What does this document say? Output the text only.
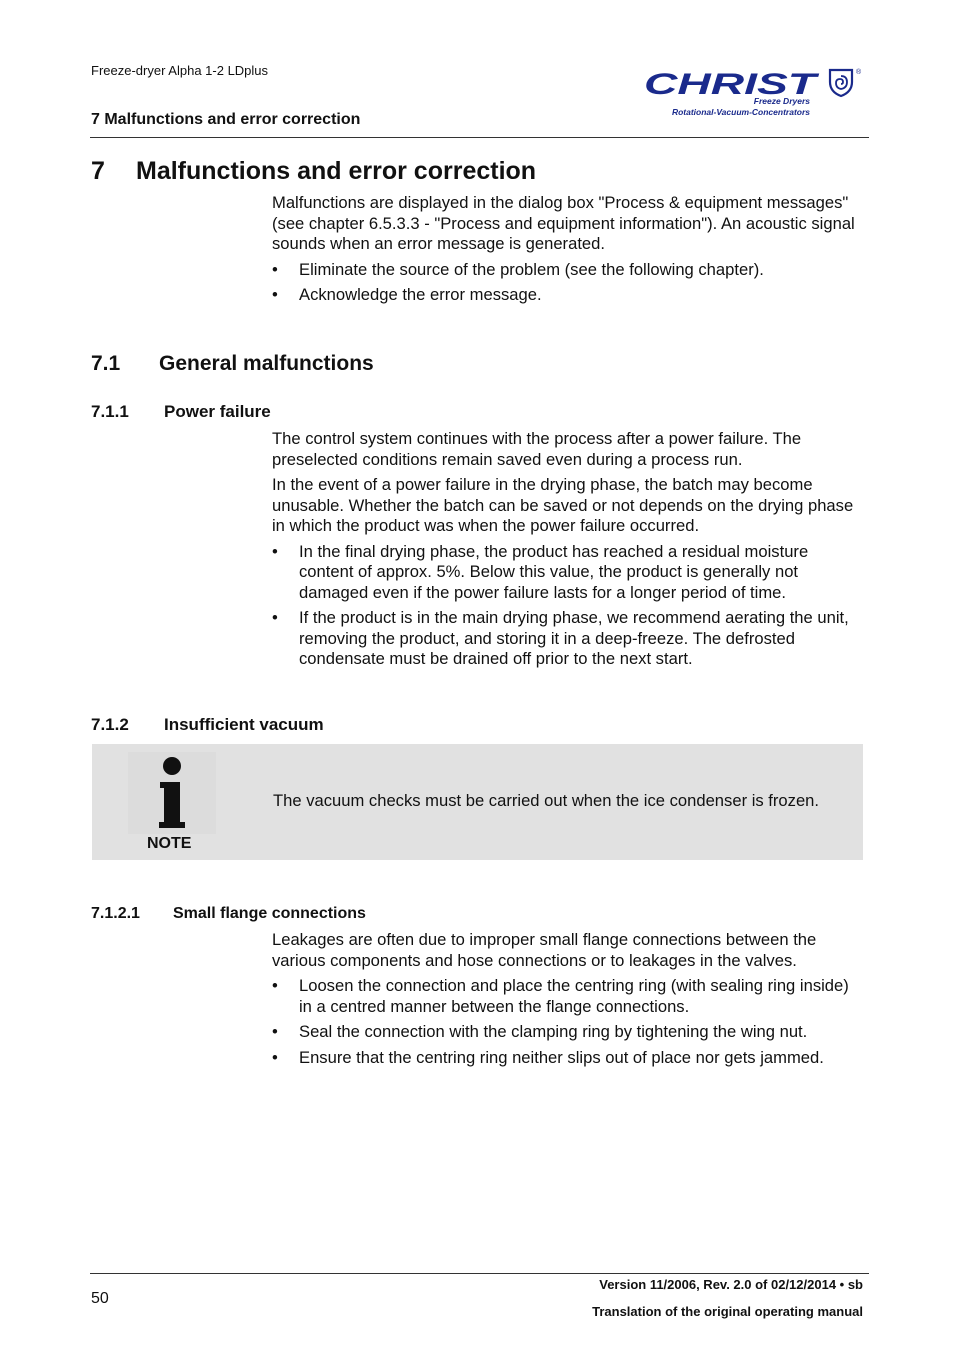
Freeze-dryer Alpha 1-2 LDplus
7 Malfunctions and error correction
CHRIST	®
Freeze Dryers
Rotational-Vacuum-Concentrators
7 Malfunctions and error correction

Malfunctions are displayed in the dialog box "Process & equipment messages" (see chapter 6.5.3.3 - "Process and equipment information"). An acoustic signal sounds when an error message is generated.

• Eliminate the source of the problem (see the following chapter).
• Acknowledge the error message.
7.1 General malfunctions
7.1.1 Power failure

The control system continues with the process after a power failure. The preselected conditions remain saved even during a process run.

In the event of a power failure in the drying phase, the batch may become unusable. Whether the batch can be saved or not depends on the drying phase in which the product was when the power failure occurred.

• In the final drying phase, the product has reached a residual moisture content of approx. 5%. Below this value, the product is generally not damaged even if the power failure lasts for a longer period of time.
• If the product is in the main drying phase, we recommend aerating the unit, removing the product, and storing it in a deep-freeze. The defrosted condensate must be drained off prior to the next start.
7.1.2 Insufficient vacuum
NOTE
The vacuum checks must be carried out when the ice condenser is frozen.
7.1.2.1 Small flange connections

Leakages are often due to improper small flange connections between the various components and hose connections or to leakages in the valves.

• Loosen the connection and place the centring ring (with sealing ring inside) in a centred manner between the flange connections.
• Seal the connection with the clamping ring by tightening the wing nut.
• Ensure that the centring ring neither slips out of place nor gets jammed.
Version 11/2006, Rev. 2.0 of 02/12/2014 • sb
50
Translation of the original operating manual
